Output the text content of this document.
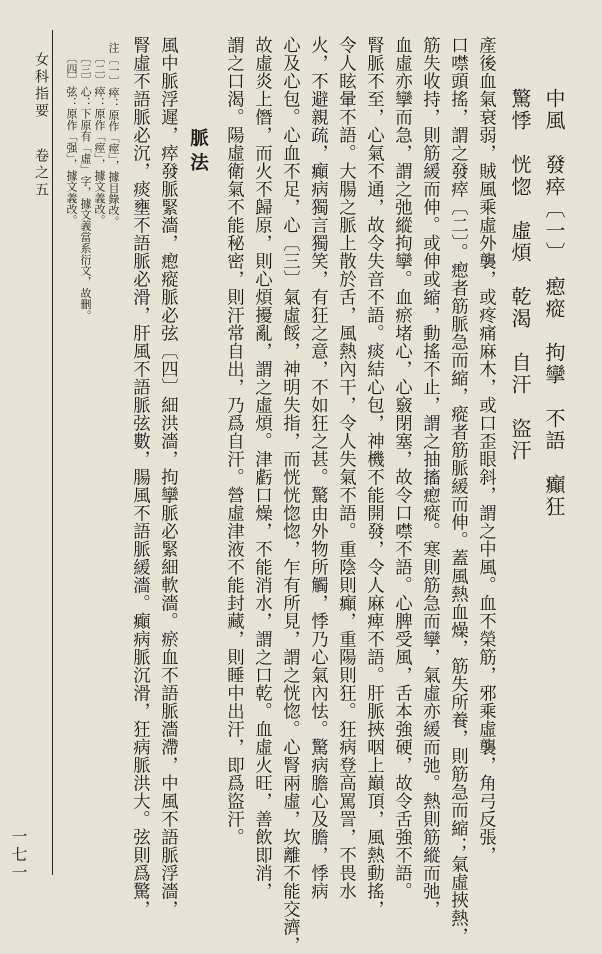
一七一
中風　發瘁〔一〕　瘛瘲　拘攣　不語　癲狂
驚悸　恍惚　虛煩　乾渴　自汗　盜汗
產後血氣衰弱，賊風乘虛外襲，或疼痛麻木，或口歪眼斜，謂之中風。血不榮筋，邪乘虛襲，角弓反張，
口噤頭搖，謂之發瘁〔二〕。瘛者筋脈急而縮，瘲者筋脈緩而伸。蓋風熱血燥，筋失所養，則筋急而縮；氣虛挾熱，
筋失收持，則筋緩而伸。或伸或縮，動搖不止，謂之抽搐瘛瘲。寒則筋急而攣，氣虛亦緩而弛。熱則筋縱而弛，
血虛亦攣而急，謂之弛縱拘攣。血瘀堵心，心竅閉塞，故令口噤不語。心脾受風，舌本強硬，故令舌強不語。
腎脈不至，心氣不通，故令失音不語。痰結心包，神機不能開發，令人麻痺不語。肝脈挾咽上巔頂，風熱動搖，
令人眩暈不語。大腸之脈上散於舌，風熱內干，令人失氣不語。重陰則癲，重陽則狂。狂病登高罵詈，不畏水
火，不避親疏，癲病獨言獨笑，有狂之意，不如狂之甚。驚由外物所觸，悸乃心氣內怯。驚病膽心及膽，悸病
心及心包。心血不足，心〔三〕氣虛餒，神明失指，而恍恍惚惚，乍有所見，謂之恍惚。心腎兩虛，坎離不能交濟，
故虛炎上僭，而火不歸原，則心煩擾亂，謂之虛煩。津虧口燥，不能消水，謂之口乾。血虛火旺，善飲即消，
謂之口渴。陽虛衛氣不能秘密，則汗常自出，乃爲自汗。營虛津液不能封藏，則睡中出汗，即爲盜汗。
脈法
風中脈浮遲，瘁發脈緊濇，瘛瘲脈必弦〔四〕細洪濇，拘攣脈必緊細軟濇。瘀血不語脈濇滯，中風不語脈浮濇，
腎虛不語脈必沉，痰壅不語脈必滑，肝風不語脈弦數，腸風不語脈緩濇。癲病脈沉滑，狂病脈洪大。弦則爲驚，
注〔一〕瘁：原作「痙」，據目錄改。
〔二〕瘁：原作「痙」，據文義改。
〔三〕心：下原有「虛」字，據文義當系衍文，故刪。
〔四〕弦：原作「强」，據文義改。
女科指要
卷之五
